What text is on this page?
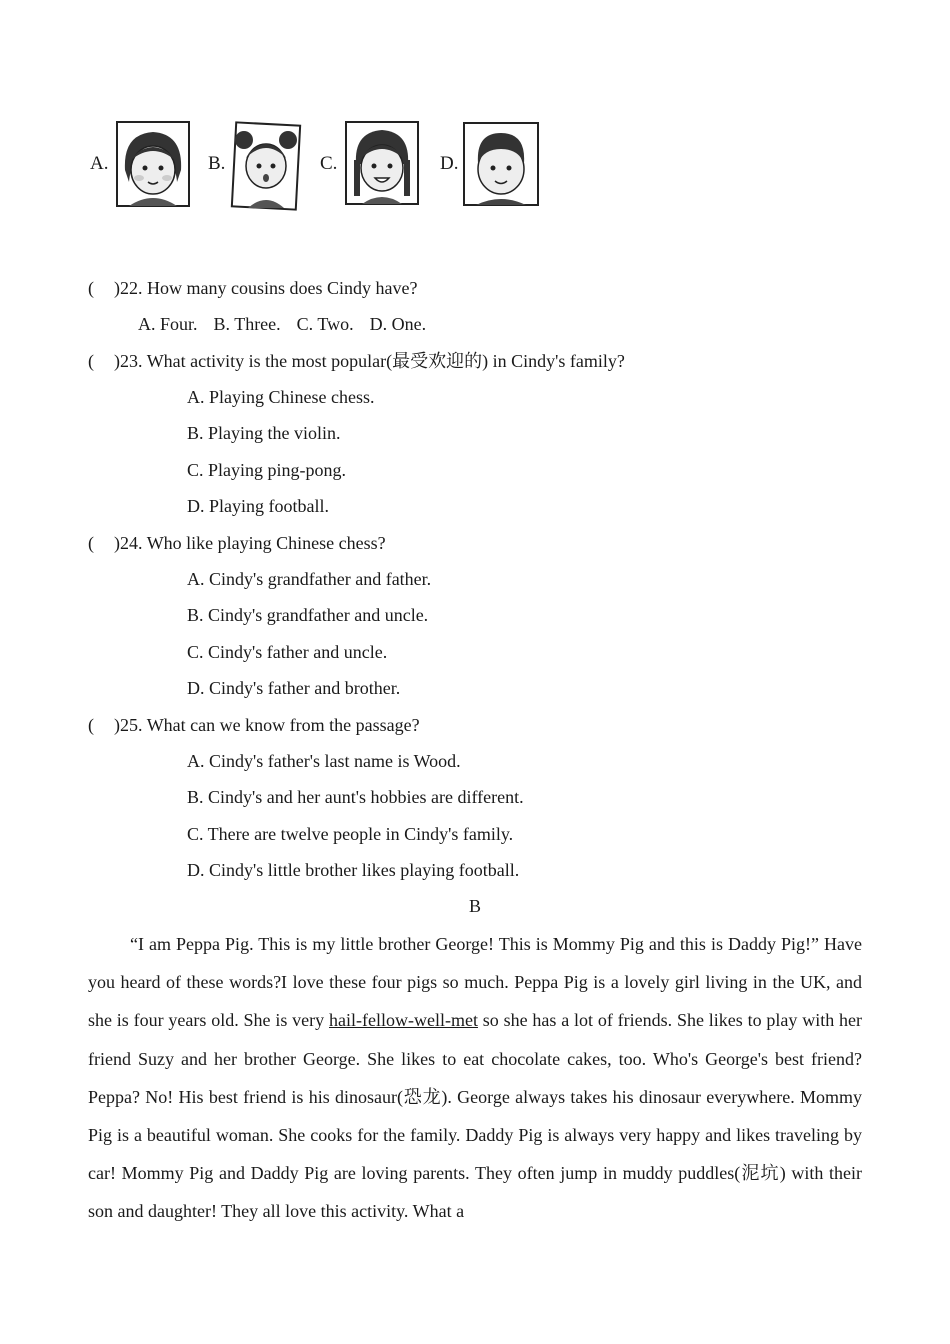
A.	B.	C.	D.
( )22. How many cousins does Cindy have?
A. Four. B. Three. C. Two. D. One.
( )23. What activity is the most popular(最受欢迎的) in Cindy's family?
A. Playing Chinese chess.
B. Playing the violin.
C. Playing ping-pong.
D. Playing football.
( )24. Who like playing Chinese chess?
A. Cindy's grandfather and father.
B. Cindy's grandfather and uncle.
C. Cindy's father and uncle.
D. Cindy's father and brother.
( )25. What can we know from the passage?
A. Cindy's father's last name is Wood.
B. Cindy's and her aunt's hobbies are different.
C. There are twelve people in Cindy's family.
D. Cindy's little brother likes playing football.
B
“I am Peppa Pig. This is my little brother George! This is Mommy Pig and this is Daddy Pig!” Have you heard of these words?I love these four pigs so much. Peppa Pig is a lovely girl living in the UK, and she is four years old. She is very hail-fellow-well-met so she has a lot of friends. She likes to play with her friend Suzy and her brother George. She likes to eat chocolate cakes, too. Who's George's best friend? Peppa? No! His best friend is his dinosaur(恐龙). George always takes his dinosaur everywhere. Mommy Pig is a beautiful woman. She cooks for the family. Daddy Pig is always very happy and likes traveling by car! Mommy Pig and Daddy Pig are loving parents. They often jump in muddy puddles(泥坑) with their son and daughter! They all love this activity. What a
